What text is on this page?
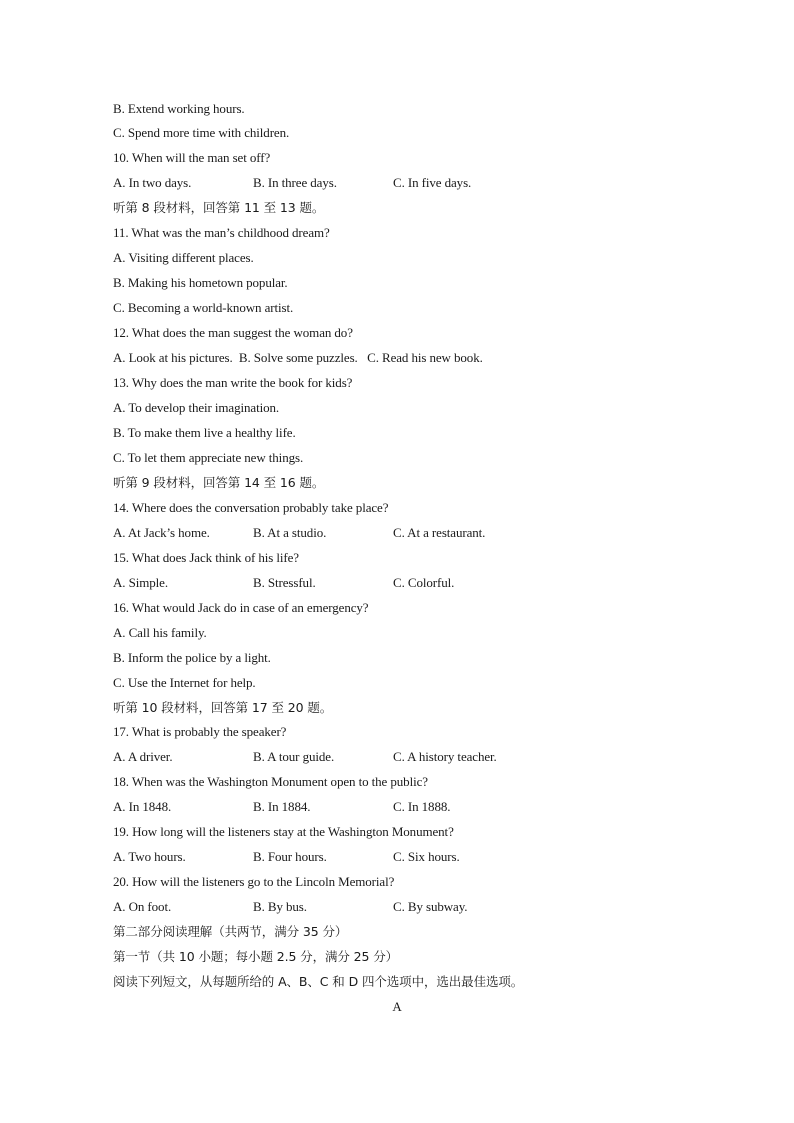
B. Extend working hours.
C. Spend more time with children.
10. When will the man set off?
A. In two days.	B. In three days.	C. In five days.
听第 8 段材料，回答第 11 至 13 题。
11. What was the man’s childhood dream?
A. Visiting different places.
B. Making his hometown popular.
C. Becoming a world-known artist.
12. What does the man suggest the woman do?
A. Look at his pictures.  B. Solve some puzzles.   C. Read his new book.
13. Why does the man write the book for kids?
A. To develop their imagination.
B. To make them live a healthy life.
C. To let them appreciate new things.
听第 9 段材料，回答第 14 至 16 题。
14. Where does the conversation probably take place?
A. At Jack’s home.	B. At a studio.	C. At a restaurant.
15. What does Jack think of his life?
A. Simple.	B. Stressful.	C. Colorful.
16. What would Jack do in case of an emergency?
A. Call his family.
B. Inform the police by a light.
C. Use the Internet for help.
听第 10 段材料，回答第 17 至 20 题。
17. What is probably the speaker?
A. A driver.	B. A tour guide.	C. A history teacher.
18. When was the Washington Monument open to the public?
A. In 1848.	B. In 1884.	C. In 1888.
19. How long will the listeners stay at the Washington Monument?
A. Two hours.	B. Four hours.	C. Six hours.
20. How will the listeners go to the Lincoln Memorial?
A. On foot.	B. By bus.	C. By subway.
第二部分阅读理解（共两节，满分 35 分）
第一节（共 10 小题；每小题 2.5 分，满分 25 分）
阅读下列短文，从每题所给的 A、B、C 和 D 四个选项中，选出最佳选项。
A
